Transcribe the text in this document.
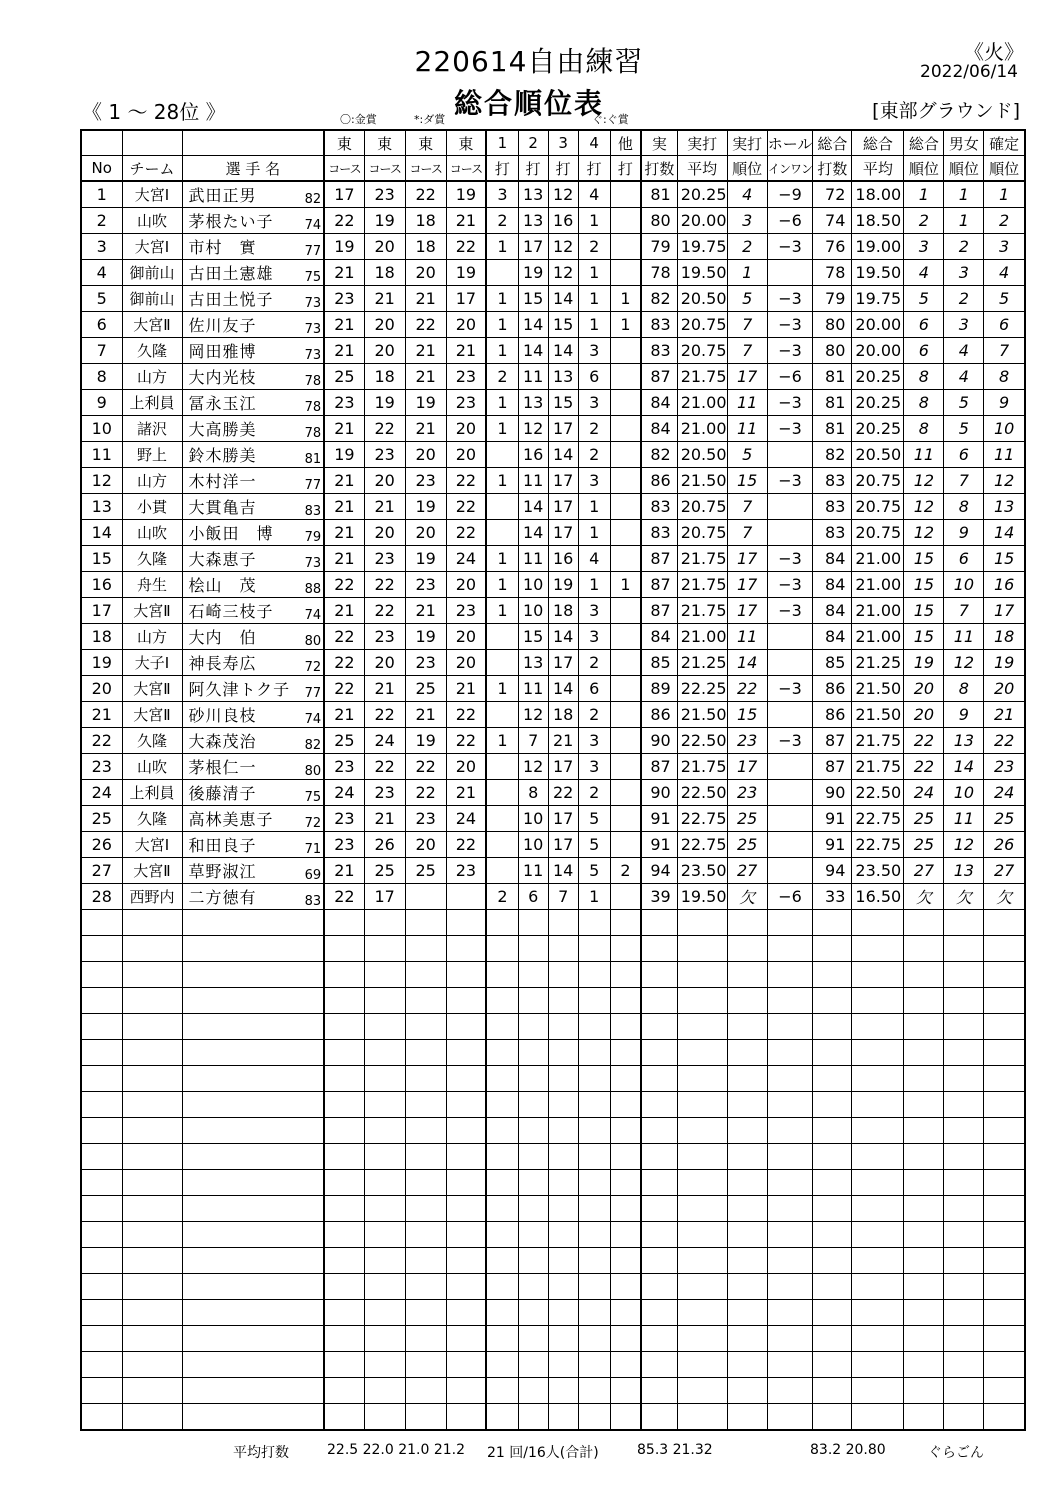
220614自由練習
総合順位表
《火》
2022/06/14
《 1 ～ 28位 》	[東部グラウンド]
〇:金賞	*:ダ賞	ぐ:ぐ賞
				東	東	東	東	1	2	3	4	他	実	実打	実打	ホール	総合	総合	総合	男女	確定
No	チーム	選 手 名		コース	コース	コース	コース	打	打	打	打	打	打数	平均	順位	インワン	打数	平均	順位	順位	順位
1	大宮Ⅰ	武田正男	82	17	23	22	19	3	13	12	4		81	20.25	4	−9	72	18.00	1	1	1
2	山吹	茅根たい子	74	22	19	18	21	2	13	16	1		80	20.00	3	−6	74	18.50	2	1	2
3	大宮Ⅰ	市村　實	77	19	20	18	22	1	17	12	2		79	19.75	2	−3	76	19.00	3	2	3
4	御前山	古田土憲雄	75	21	18	20	19		19	12	1		78	19.50	1		78	19.50	4	3	4
5	御前山	古田土悦子	73	23	21	21	17	1	15	14	1	1	82	20.50	5	−3	79	19.75	5	2	5
6	大宮Ⅱ	佐川友子	73	21	20	22	20	1	14	15	1	1	83	20.75	7	−3	80	20.00	6	3	6
7	久隆	岡田雅博	73	21	20	21	21	1	14	14	3		83	20.75	7	−3	80	20.00	6	4	7
8	山方	大内光枝	78	25	18	21	23	2	11	13	6		87	21.75	17	−6	81	20.25	8	4	8
9	上利員	冨永玉江	78	23	19	19	23	1	13	15	3		84	21.00	11	−3	81	20.25	8	5	9
10	諸沢	大高勝美	78	21	22	21	20	1	12	17	2		84	21.00	11	−3	81	20.25	8	5	10
11	野上	鈴木勝美	81	19	23	20	20		16	14	2		82	20.50	5		82	20.50	11	6	11
12	山方	木村洋一	77	21	20	23	22	1	11	17	3		86	21.50	15	−3	83	20.75	12	7	12
13	小貫	大貫亀吉	83	21	21	19	22		14	17	1		83	20.75	7		83	20.75	12	8	13
14	山吹	小飯田　博	79	21	20	20	22		14	17	1		83	20.75	7		83	20.75	12	9	14
15	久隆	大森恵子	73	21	23	19	24	1	11	16	4		87	21.75	17	−3	84	21.00	15	6	15
16	舟生	桧山　茂	88	22	22	23	20	1	10	19	1	1	87	21.75	17	−3	84	21.00	15	10	16
17	大宮Ⅱ	石崎三枝子	74	21	22	21	23	1	10	18	3		87	21.75	17	−3	84	21.00	15	7	17
18	山方	大内　伯	80	22	23	19	20		15	14	3		84	21.00	11		84	21.00	15	11	18
19	大子Ⅰ	神長寿広	72	22	20	23	20		13	17	2		85	21.25	14		85	21.25	19	12	19
20	大宮Ⅱ	阿久津トク子	77	22	21	25	21	1	11	14	6		89	22.25	22	−3	86	21.50	20	8	20
21	大宮Ⅱ	砂川良枝	74	21	22	21	22		12	18	2		86	21.50	15		86	21.50	20	9	21
22	久隆	大森茂治	82	25	24	19	22	1	7	21	3		90	22.50	23	−3	87	21.75	22	13	22
23	山吹	茅根仁一	80	23	22	22	20		12	17	3		87	21.75	17		87	21.75	22	14	23
24	上利員	後藤清子	75	24	23	22	21		8	22	2		90	22.50	23		90	22.50	24	10	24
25	久隆	高林美恵子	72	23	21	23	24		10	17	5		91	22.75	25		91	22.75	25	11	25
26	大宮Ⅰ	和田良子	71	23	26	20	22		10	17	5		91	22.75	25		91	22.75	25	12	26
27	大宮Ⅱ	草野淑江	69	21	25	25	23		11	14	5	2	94	23.50	27		94	23.50	27	13	27
28	西野内	二方徳有	83	22	17			2	6	7	1		39	19.50	欠	−6	33	16.50	欠	欠	欠

平均打数	22.5 22.0 21.0 21.2 21 回/16人(合計)	85.3 21.32	83.2 20.80	ぐらごん
